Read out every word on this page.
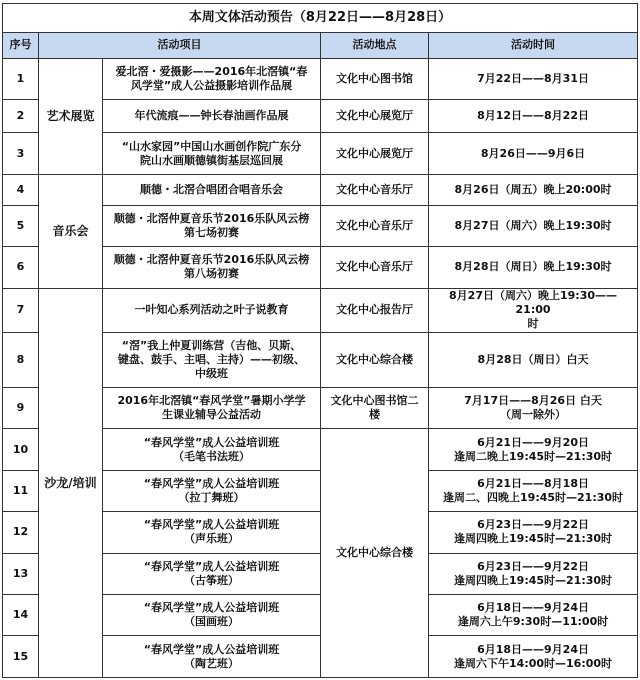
本周文体活动预告（8月22日——8月28日）				
序号	活动项目		活动地点	活动时间
1	艺术展览	爱北滘・爱摄影——2016年北滘镇“春
风学堂”成人公益摄影培训作品展	文化中心图书馆	7月22日——8月31日

2		年代流痕——钟长春油画作品展	文化中心展览厅	8月12日——8月22日

3		“山水家园”中国山水画创作院广东分
院山水画顺德镇街基层巡回展	文化中心展览厅	8月26日——9月6日

4	音乐会	顺德・北滘合唱团合唱音乐会	文化中心音乐厅	8月26日（周五）晚上20:00时

5		顺德・北滘仲夏音乐节2016乐队风云榜
第七场初赛	文化中心音乐厅	8月27日（周六）晚上19:30时

6		顺德・北滘仲夏音乐节2016乐队风云榜
第八场初赛	文化中心音乐厅	8月28日（周日）晚上19:30时

7	沙龙/培训	一叶知心系列活动之叶子说教育	文化中心报告厅	8月27日（周六）晚上19:30——21:00
时

8		“滘”我上仲夏训练营（吉他、贝斯、
键盘、鼓手、主唱、主持）——初级、
中级班	文化中心综合楼	8月28日（周日）白天

9		2016年北滘镇“春风学堂”暑期小学学
生课业辅导公益活动	文化中心图书馆二
楼	7月17日——8月26日 白天
（周一除外）

10		“春风学堂”成人公益培训班
（毛笔书法班）	文化中心综合楼	6月21日——9月20日
逢周二晚上19:45时—21:30时

11		“春风学堂”成人公益培训班
（拉丁舞班）		6月21日——8月18日
逢周二、四晚上19:45时—21:30时

12		“春风学堂”成人公益培训班
（声乐班）		6月23日——9月22日
逢周四晚上19:45时—21:30时

13		“春风学堂”成人公益培训班
（古筝班）		6月23日——9月22日
逢周四晚上19:45时—21:30时

14		“春风学堂”成人公益培训班
（国画班）		6月18日——9月24日
逢周六上午9:30时—11:00时

15		“春风学堂”成人公益培训班
（陶艺班）		6月18日——9月24日
逢周六下午14:00时—16:00时
